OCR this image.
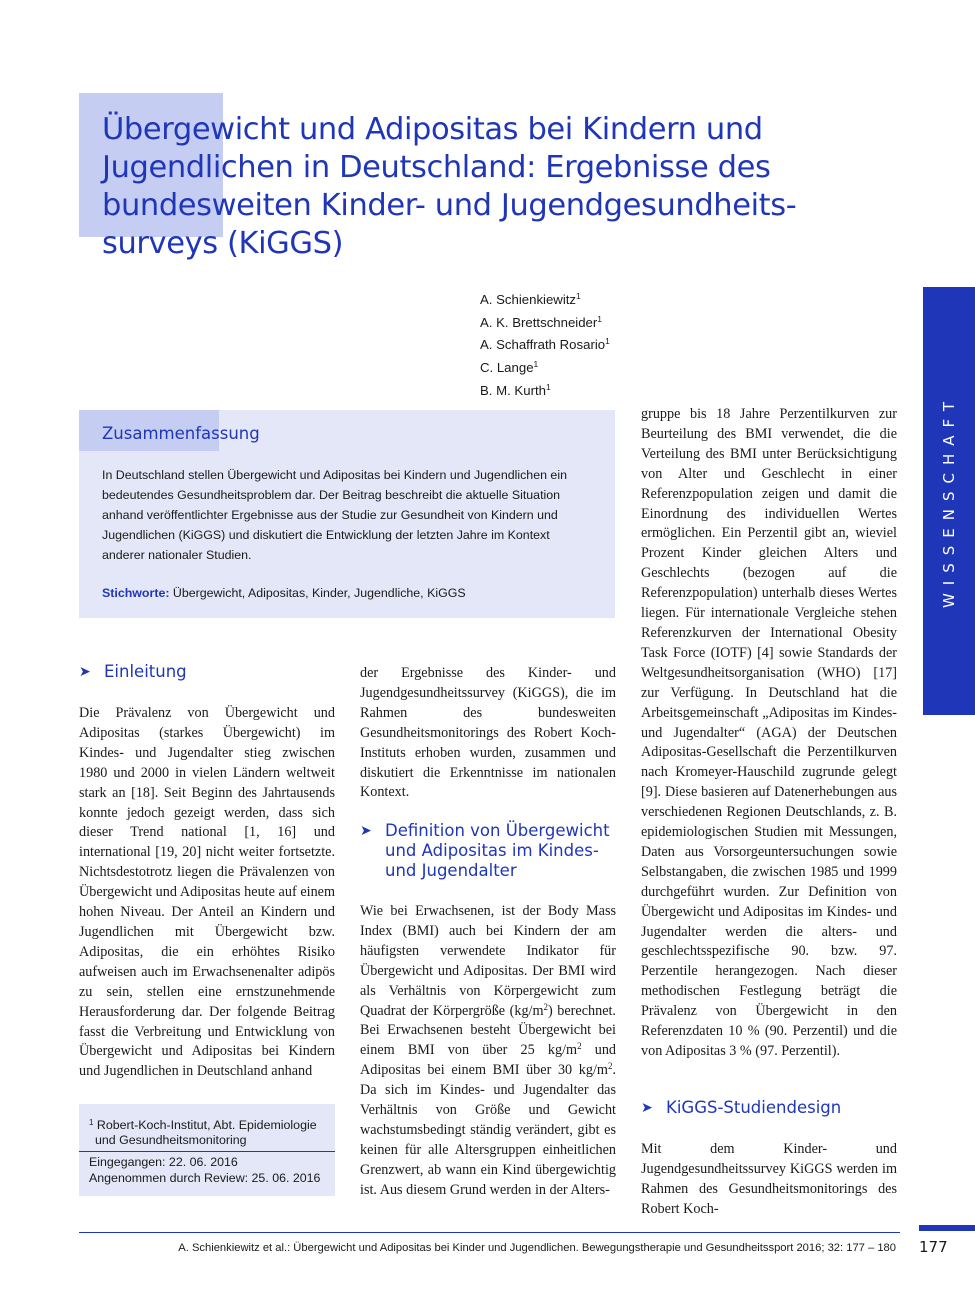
Übergewicht und Adipositas bei Kindern und
Jugendlichen in Deutschland: Ergebnisse des
bundesweiten Kinder- und Jugendgesundheits-
surveys (KiGGS)
A. Schienkiewitz$^1$
A. K. Brettschneider$^1$
A. Schaffrath Rosario$^1$
C. Lange$^1$
B. M. Kurth$^1$
WISSENSCHAFT
Zusammenfassung
In Deutschland stellen Übergewicht und Adipositas bei Kindern und Jugendlichen ein
bedeutendes Gesundheitsproblem dar. Der Beitrag beschreibt die aktuelle Situation
anhand veröffentlichter Ergebnisse aus der Studie zur Gesundheit von Kindern und
Jugendlichen (KiGGS) und diskutiert die Entwicklung der letzten Jahre im Kontext
anderer nationaler Studien.
Stichworte: Übergewicht, Adipositas, Kinder, Jugendliche, KiGGS
➤ Einleitung
Die Prävalenz von Übergewicht und Adipositas (starkes Übergewicht) im Kindes- und Jugendalter stieg zwischen 1980 und 2000 in vielen Ländern weltweit stark an [18]. Seit Beginn des Jahrtausends konnte jedoch gezeigt werden, dass sich dieser Trend national [1, 16] und international [19, 20] nicht weiter fortsetzte. Nichtsdestotrotz liegen die Prävalenzen von Übergewicht und Adipositas heute auf einem hohen Niveau. Der Anteil an Kindern und Jugendlichen mit Übergewicht bzw. Adipositas, die ein erhöhtes Risiko aufweisen auch im Erwachsenenalter adipös zu sein, stellen eine ernstzunehmende Herausforderung dar. Der folgende Beitrag fasst die Verbreitung und Entwicklung von Übergewicht und Adipositas bei Kindern und Jugendlichen in Deutschland anhand
$^1$ Robert-Koch-Institut, Abt. Epidemiologie
und Gesundheitsmonitoring
Eingegangen: 22. 06. 2016
Angenommen durch Review: 25. 06. 2016
der Ergebnisse des Kinder- und Jugendgesundheitssurvey (KiGGS), die im Rahmen des bundesweiten Gesundheitsmonitorings des Robert Koch-Instituts erhoben wurden, zusammen und diskutiert die Erkenntnisse im nationalen Kontext.
➤ Definition von Übergewicht und Adipositas im Kindes- und Jugendalter
Wie bei Erwachsenen, ist der Body Mass Index (BMI) auch bei Kindern der am häufigsten verwendete Indikator für Übergewicht und Adipositas. Der BMI wird als Verhältnis von Körpergewicht zum Quadrat der Körpergröße $(kg/m^2)$ berechnet. Bei Erwachsenen besteht Übergewicht bei einem BMI von über 25 $kg/m^2$ und Adipositas bei einem BMI über 30 $kg/m^2$. Da sich im Kindes- und Jugendalter das Verhältnis von Größe und Gewicht wachstumsbedingt ständig verändert, gibt es keinen für alle Altersgruppen einheitlichen Grenzwert, ab wann ein Kind übergewichtig ist. Aus diesem Grund werden in der Alters-
gruppe bis 18 Jahre Perzentilkurven zur Beurteilung des BMI verwendet, die die Verteilung des BMI unter Berücksichtigung von Alter und Geschlecht in einer Referenzpopulation zeigen und damit die Einordnung des individuellen Wertes ermöglichen. Ein Perzentil gibt an, wieviel Prozent Kinder gleichen Alters und Geschlechts (bezogen auf die Referenzpopulation) unterhalb dieses Wertes liegen. Für internationale Vergleiche stehen Referenzkurven der International Obesity Task Force (IOTF) [4] sowie Standards der Weltgesundheitsorganisation (WHO) [17] zur Verfügung. In Deutschland hat die Arbeitsgemeinschaft „Adipositas im Kindes- und Jugendalter“ (AGA) der Deutschen Adipositas-Gesellschaft die Perzentilkurven nach Kromeyer-Hauschild zugrunde gelegt [9]. Diese basieren auf Datenerhebungen aus verschiedenen Regionen Deutschlands, z. B. epidemiologischen Studien mit Messungen, Daten aus Vorsorgeuntersuchungen sowie Selbstangaben, die zwischen 1985 und 1999 durchgeführt wurden. Zur Definition von Übergewicht und Adipositas im Kindes- und Jugendalter werden die alters- und geschlechtsspezifische 90. bzw. 97. Perzentile herangezogen. Nach dieser methodischen Festlegung beträgt die Prävalenz von Übergewicht in den Referenzdaten 10 % (90. Perzentil) und die von Adipositas 3 % (97. Perzentil).
➤ KiGGS-Studiendesign
Mit dem Kinder- und Jugendgesundheitssurvey KiGGS werden im Rahmen des Gesundheitsmonitorings des Robert Koch-
A. Schienkiewitz et al.: Übergewicht und Adipositas bei Kinder und Jugendlichen. Bewegungstherapie und Gesundheitssport 2016; 32: 177 – 180 177
